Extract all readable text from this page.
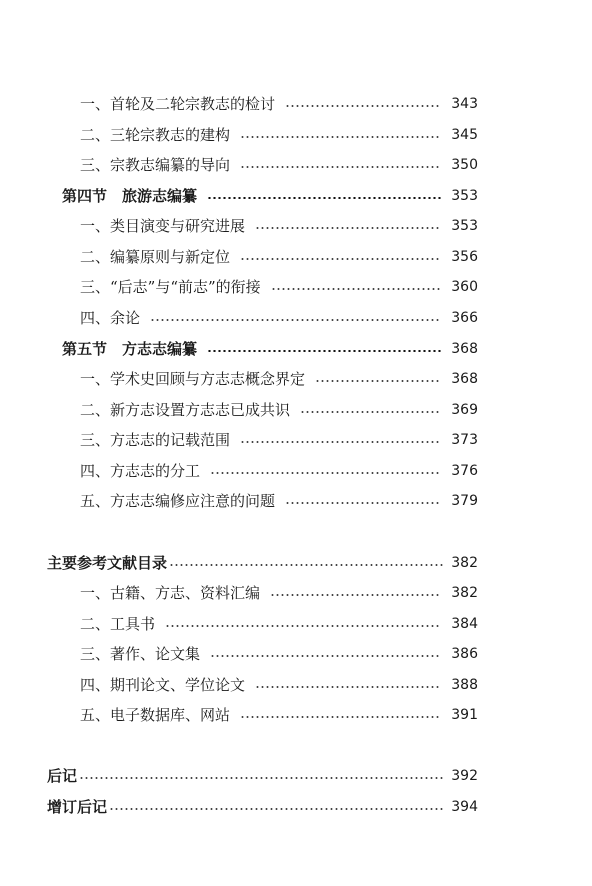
一、首轮及二轮宗教志的检讨	343
二、三轮宗教志的建构	345
三、宗教志编纂的导向	350
第四节　旅游志编纂	353
一、类目演变与研究进展	353
二、编纂原则与新定位	356
三、“后志”与“前志”的衔接	360
四、余论	366
第五节　方志志编纂	368
一、学术史回顾与方志志概念界定	368
二、新方志设置方志志已成共识	369
三、方志志的记载范围	373
四、方志志的分工	376
五、方志志编修应注意的问题	379
主要参考文献目录	382
一、古籍、方志、资料汇编	382
二、工具书	384
三、著作、论文集	386
四、期刊论文、学位论文	388
五、电子数据库、网站	391
后记	392
增订后记	394
